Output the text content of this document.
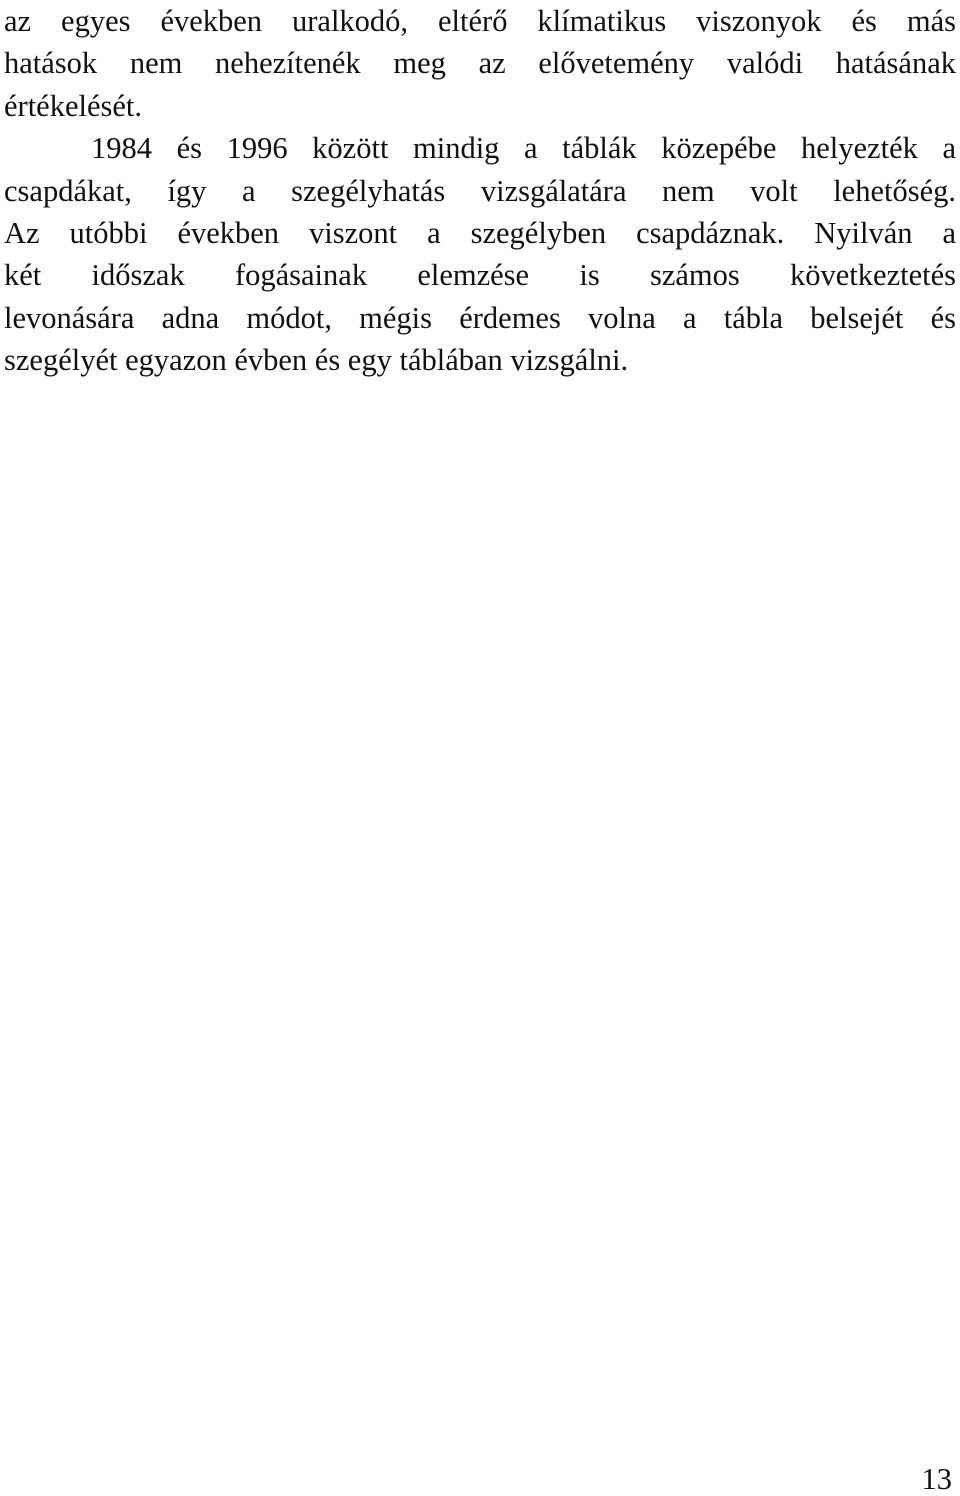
az egyes években uralkodó, eltérő klímatikus viszonyok és más
hatások nem nehezítenék meg az elővetemény valódi hatásának
értékelését.
1984 és 1996 között mindig a táblák közepébe helyezték a
csapdákat, így a szegélyhatás vizsgálatára nem volt lehetőség.
Az utóbbi években viszont a szegélyben csapdáznak. Nyilván a
két időszak fogásainak elemzése is számos következtetés
levonására adna módot, mégis érdemes volna a tábla belsejét és
szegélyét egyazon évben és egy táblában vizsgálni.
13
